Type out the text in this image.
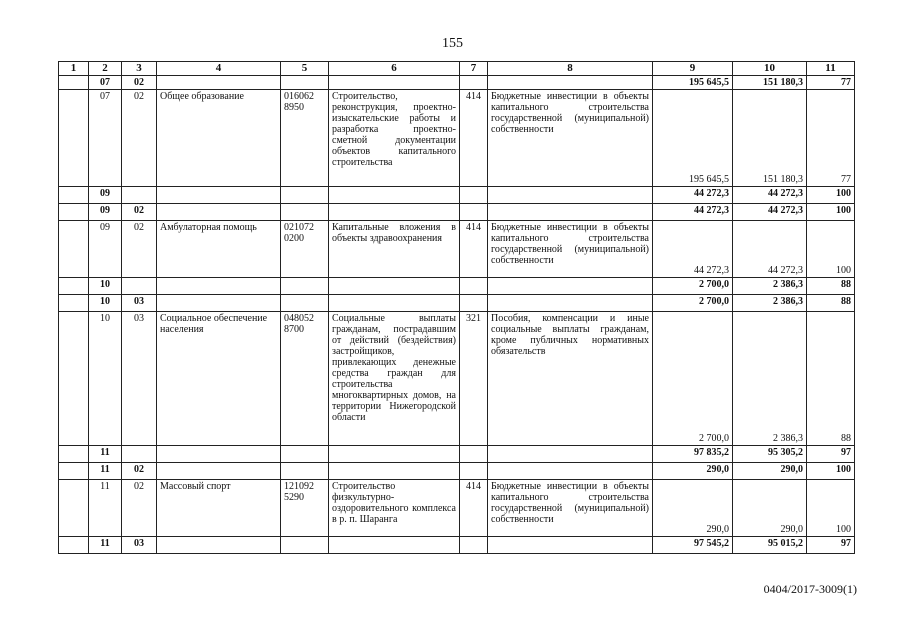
155
1	2	3	4	5	6	7	8	9	10	11
	07	02						195 645,5	151 180,3	77
	07	02	Общее образование	016062 8950	Строительство, реконструкция, проектно-изыскательские работы и разработка проектно-сметной документации объектов капитального строительства	414	Бюджетные инвестиции в объекты капитального строительства государственной (муниципальной) собственности	195 645,5	151 180,3	77
	09							44 272,3	44 272,3	100
	09	02						44 272,3	44 272,3	100
	09	02	Амбулаторная помощь	021072 0200	Капитальные вложения в объекты здравоохранения	414	Бюджетные инвестиции в объекты капитального строительства государственной (муниципальной) собственности	44 272,3	44 272,3	100
	10							2 700,0	2 386,3	88
	10	03						2 700,0	2 386,3	88
	10	03	Социальное обеспечение населения	048052 8700	Социальные выплаты гражданам, пострадавшим от действий (бездействия) застройщиков, привлекающих денежные средства граждан для строительства многоквартирных домов, на территории Нижегородской области	321	Пособия, компенсации и иные социальные выплаты гражданам, кроме публичных нормативных обязательств	2 700,0	2 386,3	88
	11							97 835,2	95 305,2	97
	11	02						290,0	290,0	100
	11	02	Массовый спорт	121092 5290	Строительство физкультурно-оздоровительного комплекса в р. п. Шаранга	414	Бюджетные инвестиции в объекты капитального строительства государственной (муниципальной) собственности	290,0	290,0	100
	11	03						97 545,2	95 015,2	97
0404/2017-3009(1)
